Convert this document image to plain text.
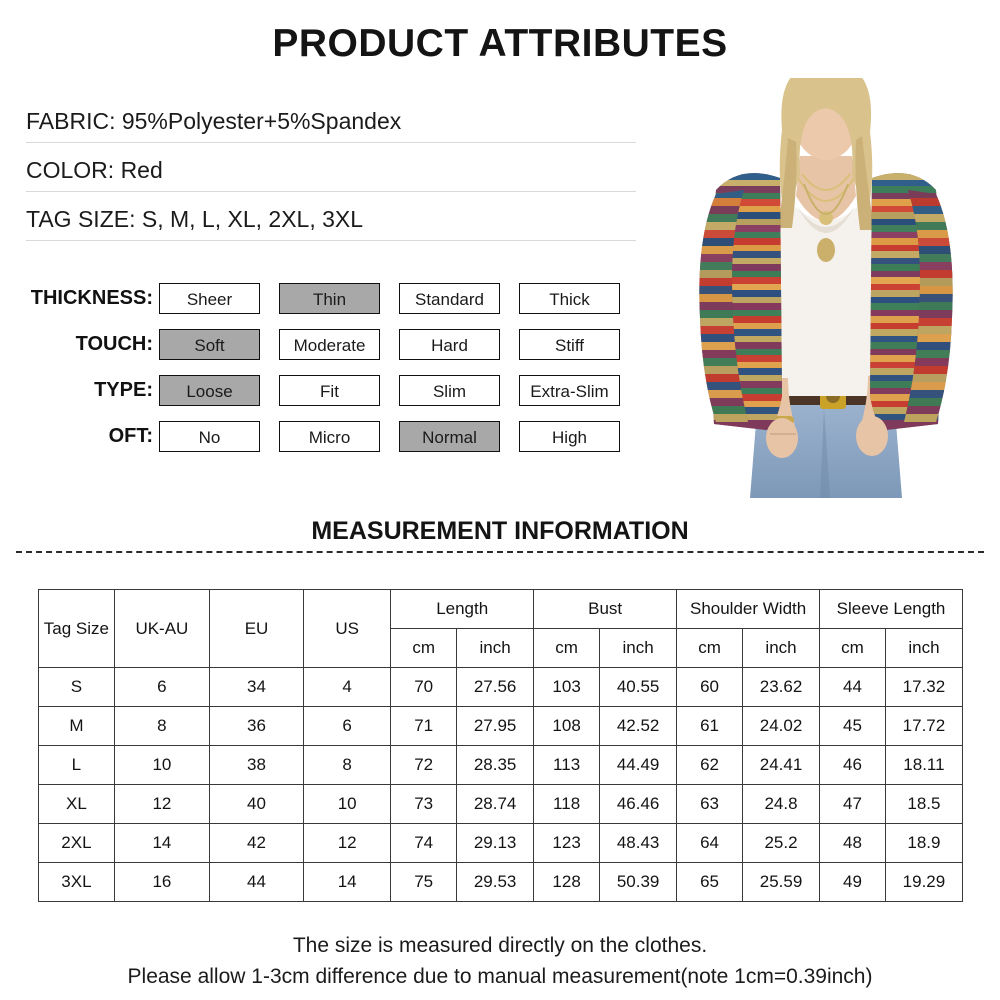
PRODUCT ATTRIBUTES
FABRIC: 95%Polyester+5%Spandex
COLOR: Red
TAG SIZE: S, M, L, XL, 2XL, 3XL
THICKNESS:	Sheer	Thin	Standard	Thick
TOUCH:	Soft	Moderate	Hard	Stiff
TYPE:	Loose	Fit	Slim	Extra-Slim
OFT:	No	Micro	Normal	High
MEASUREMENT INFORMATION
Tag Size	UK-AU	EU	US	Length		Bust		Shoulder Width		Sleeve Length	
				cm	inch	cm	inch	cm	inch	cm	inch
S	6	34	4	70	27.56	103	40.55	60	23.62	44	17.32
M	8	36	6	71	27.95	108	42.52	61	24.02	45	17.72
L	10	38	8	72	28.35	113	44.49	62	24.41	46	18.11
XL	12	40	10	73	28.74	118	46.46	63	24.8	47	18.5
2XL	14	42	12	74	29.13	123	48.43	64	25.2	48	18.9
3XL	16	44	14	75	29.53	128	50.39	65	25.59	49	19.29
The size is measured directly on the clothes.
Please allow 1-3cm difference due to manual measurement(note 1cm=0.39inch)
